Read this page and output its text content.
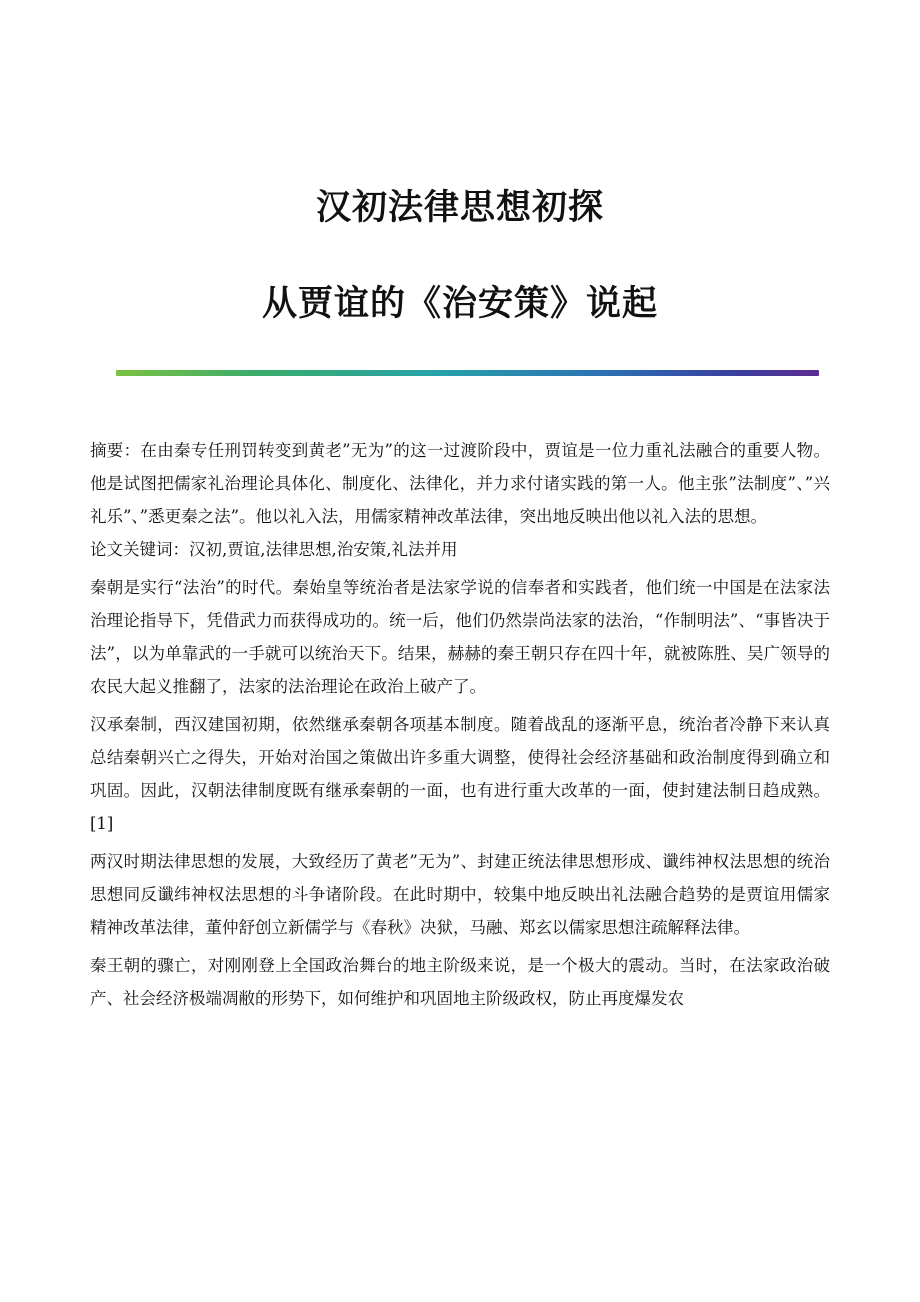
汉初法律思想初探
从贾谊的《治安策》说起

摘要：在由秦专任刑罚转变到黄老”无为”的这一过渡阶段中，贾谊是一位力重礼法融合的重要人物。他是试图把儒家礼治理论具体化、制度化、法律化，并力求付诸实践的第一人。他主张”法制度”、”兴礼乐”、”悉更秦之法”。他以礼入法，用儒家精神改革法律，突出地反映出他以礼入法的思想。

论文关键词：汉初,贾谊,法律思想,治安策,礼法并用

秦朝是实行“法治”的时代。秦始皇等统治者是法家学说的信奉者和实践者，他们统一中国是在法家法治理论指导下，凭借武力而获得成功的。统一后，他们仍然崇尚法家的法治，“作制明法”、“事皆决于法”，以为单靠武的一手就可以统治天下。结果，赫赫的秦王朝只存在四十年，就被陈胜、吴广领导的农民大起义推翻了，法家的法治理论在政治上破产了。

汉承秦制，西汉建国初期，依然继承秦朝各项基本制度。随着战乱的逐渐平息，统治者冷静下来认真总结秦朝兴亡之得失，开始对治国之策做出许多重大调整，使得社会经济基础和政治制度得到确立和巩固。因此，汉朝法律制度既有继承秦朝的一面，也有进行重大改革的一面，使封建法制日趋成熟。[1]

两汉时期法律思想的发展，大致经历了黄老”无为”、封建正统法律思想形成、谶纬神权法思想的统治思想同反谶纬神权法思想的斗争诸阶段。在此时期中，较集中地反映出礼法融合趋势的是贾谊用儒家精神改革法律，董仲舒创立新儒学与《春秋》决狱，马融、郑玄以儒家思想注疏解释法律。

秦王朝的骤亡，对刚刚登上全国政治舞台的地主阶级来说，是一个极大的震动。当时，在法家政治破产、社会经济极端凋敝的形势下，如何维护和巩固地主阶级政权，防止再度爆发农
